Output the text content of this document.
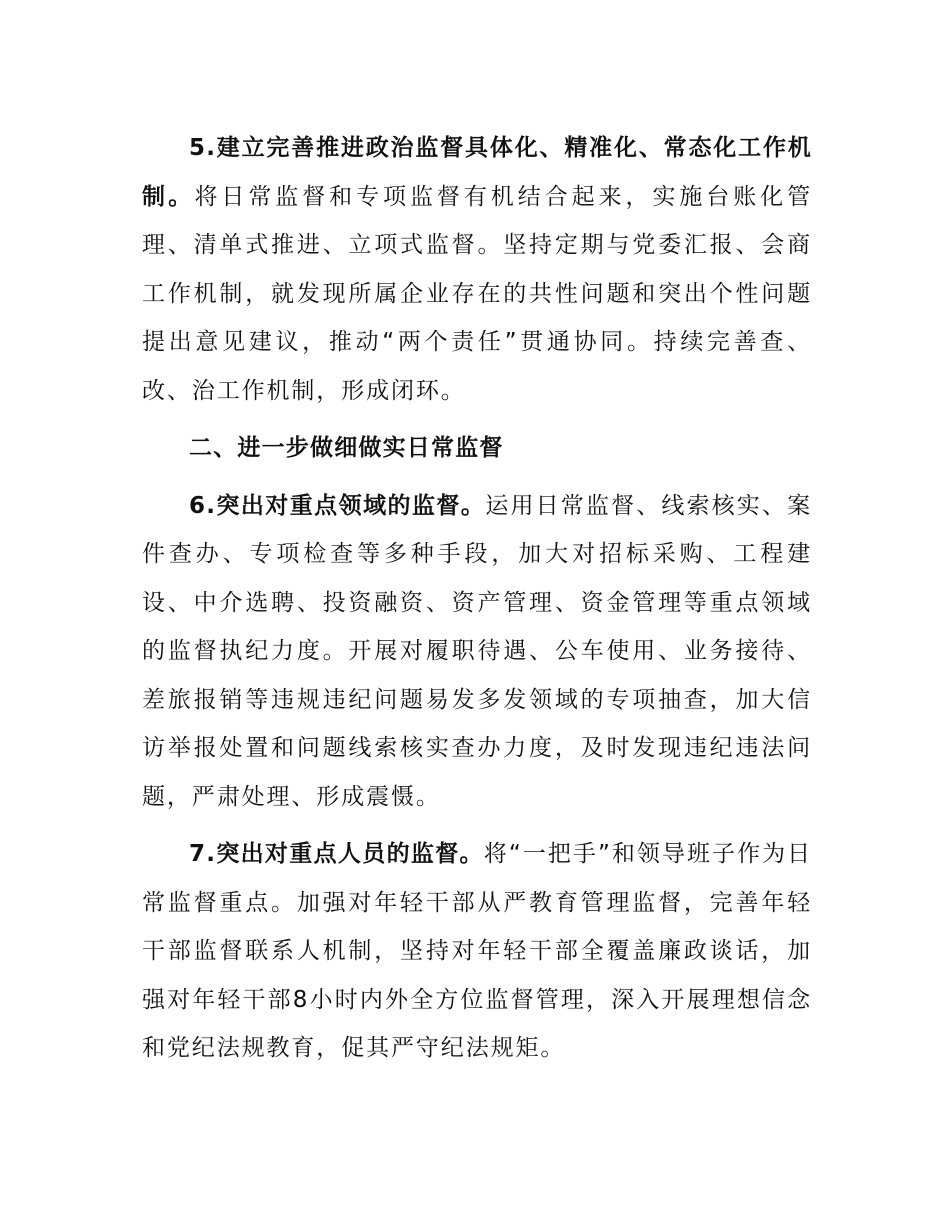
5.建立完善推进政治监督具体化、精准化、常态化工作机制。将日常监督和专项监督有机结合起来，实施台账化管理、清单式推进、立项式监督。坚持定期与党委汇报、会商工作机制，就发现所属企业存在的共性问题和突出个性问题提出意见建议，推动“两个责任”贯通协同。持续完善查、改、治工作机制，形成闭环。

二、进一步做细做实日常监督

6.突出对重点领域的监督。运用日常监督、线索核实、案件查办、专项检查等多种手段，加大对招标采购、工程建设、中介选聘、投资融资、资产管理、资金管理等重点领域的监督执纪力度。开展对履职待遇、公车使用、业务接待、差旅报销等违规违纪问题易发多发领域的专项抽查，加大信访举报处置和问题线索核实查办力度，及时发现违纪违法问题，严肃处理、形成震慑。

7.突出对重点人员的监督。将“一把手”和领导班子作为日常监督重点。加强对年轻干部从严教育管理监督，完善年轻干部监督联系人机制，坚持对年轻干部全覆盖廉政谈话，加强对年轻干部8小时内外全方位监督管理，深入开展理想信念和党纪法规教育，促其严守纪法规矩。
